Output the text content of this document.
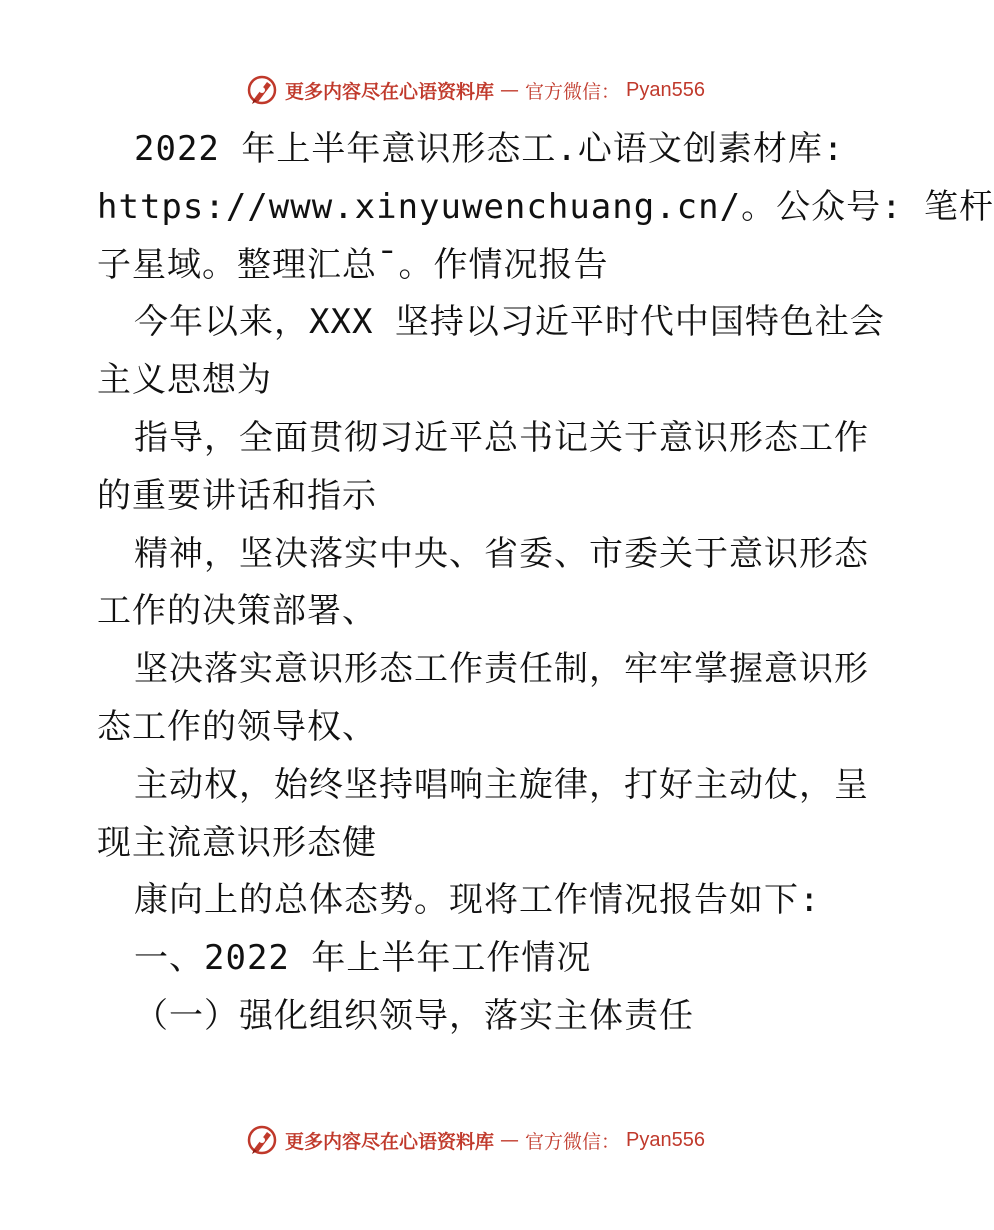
更多内容尽在心语资料库 — 官方微信： Pyan556
2022 年上半年意识形态工.心语文创素材库:
https://www.xinyuwenchuang.cn/。公众号: 笔杆
子星域。整理汇总¯。作情况报告
今年以来，XXX 坚持以习近平时代中国特色社会
主义思想为
指导，全面贯彻习近平总书记关于意识形态工作
的重要讲话和指示
精神，坚决落实中央、省委、市委关于意识形态
工作的决策部署、
坚决落实意识形态工作责任制，牢牢掌握意识形
态工作的领导权、
主动权，始终坚持唱响主旋律，打好主动仗，呈
现主流意识形态健
康向上的总体态势。现将工作情况报告如下:
一、2022 年上半年工作情况
（一）强化组织领导，落实主体责任
更多内容尽在心语资料库 — 官方微信： Pyan556
